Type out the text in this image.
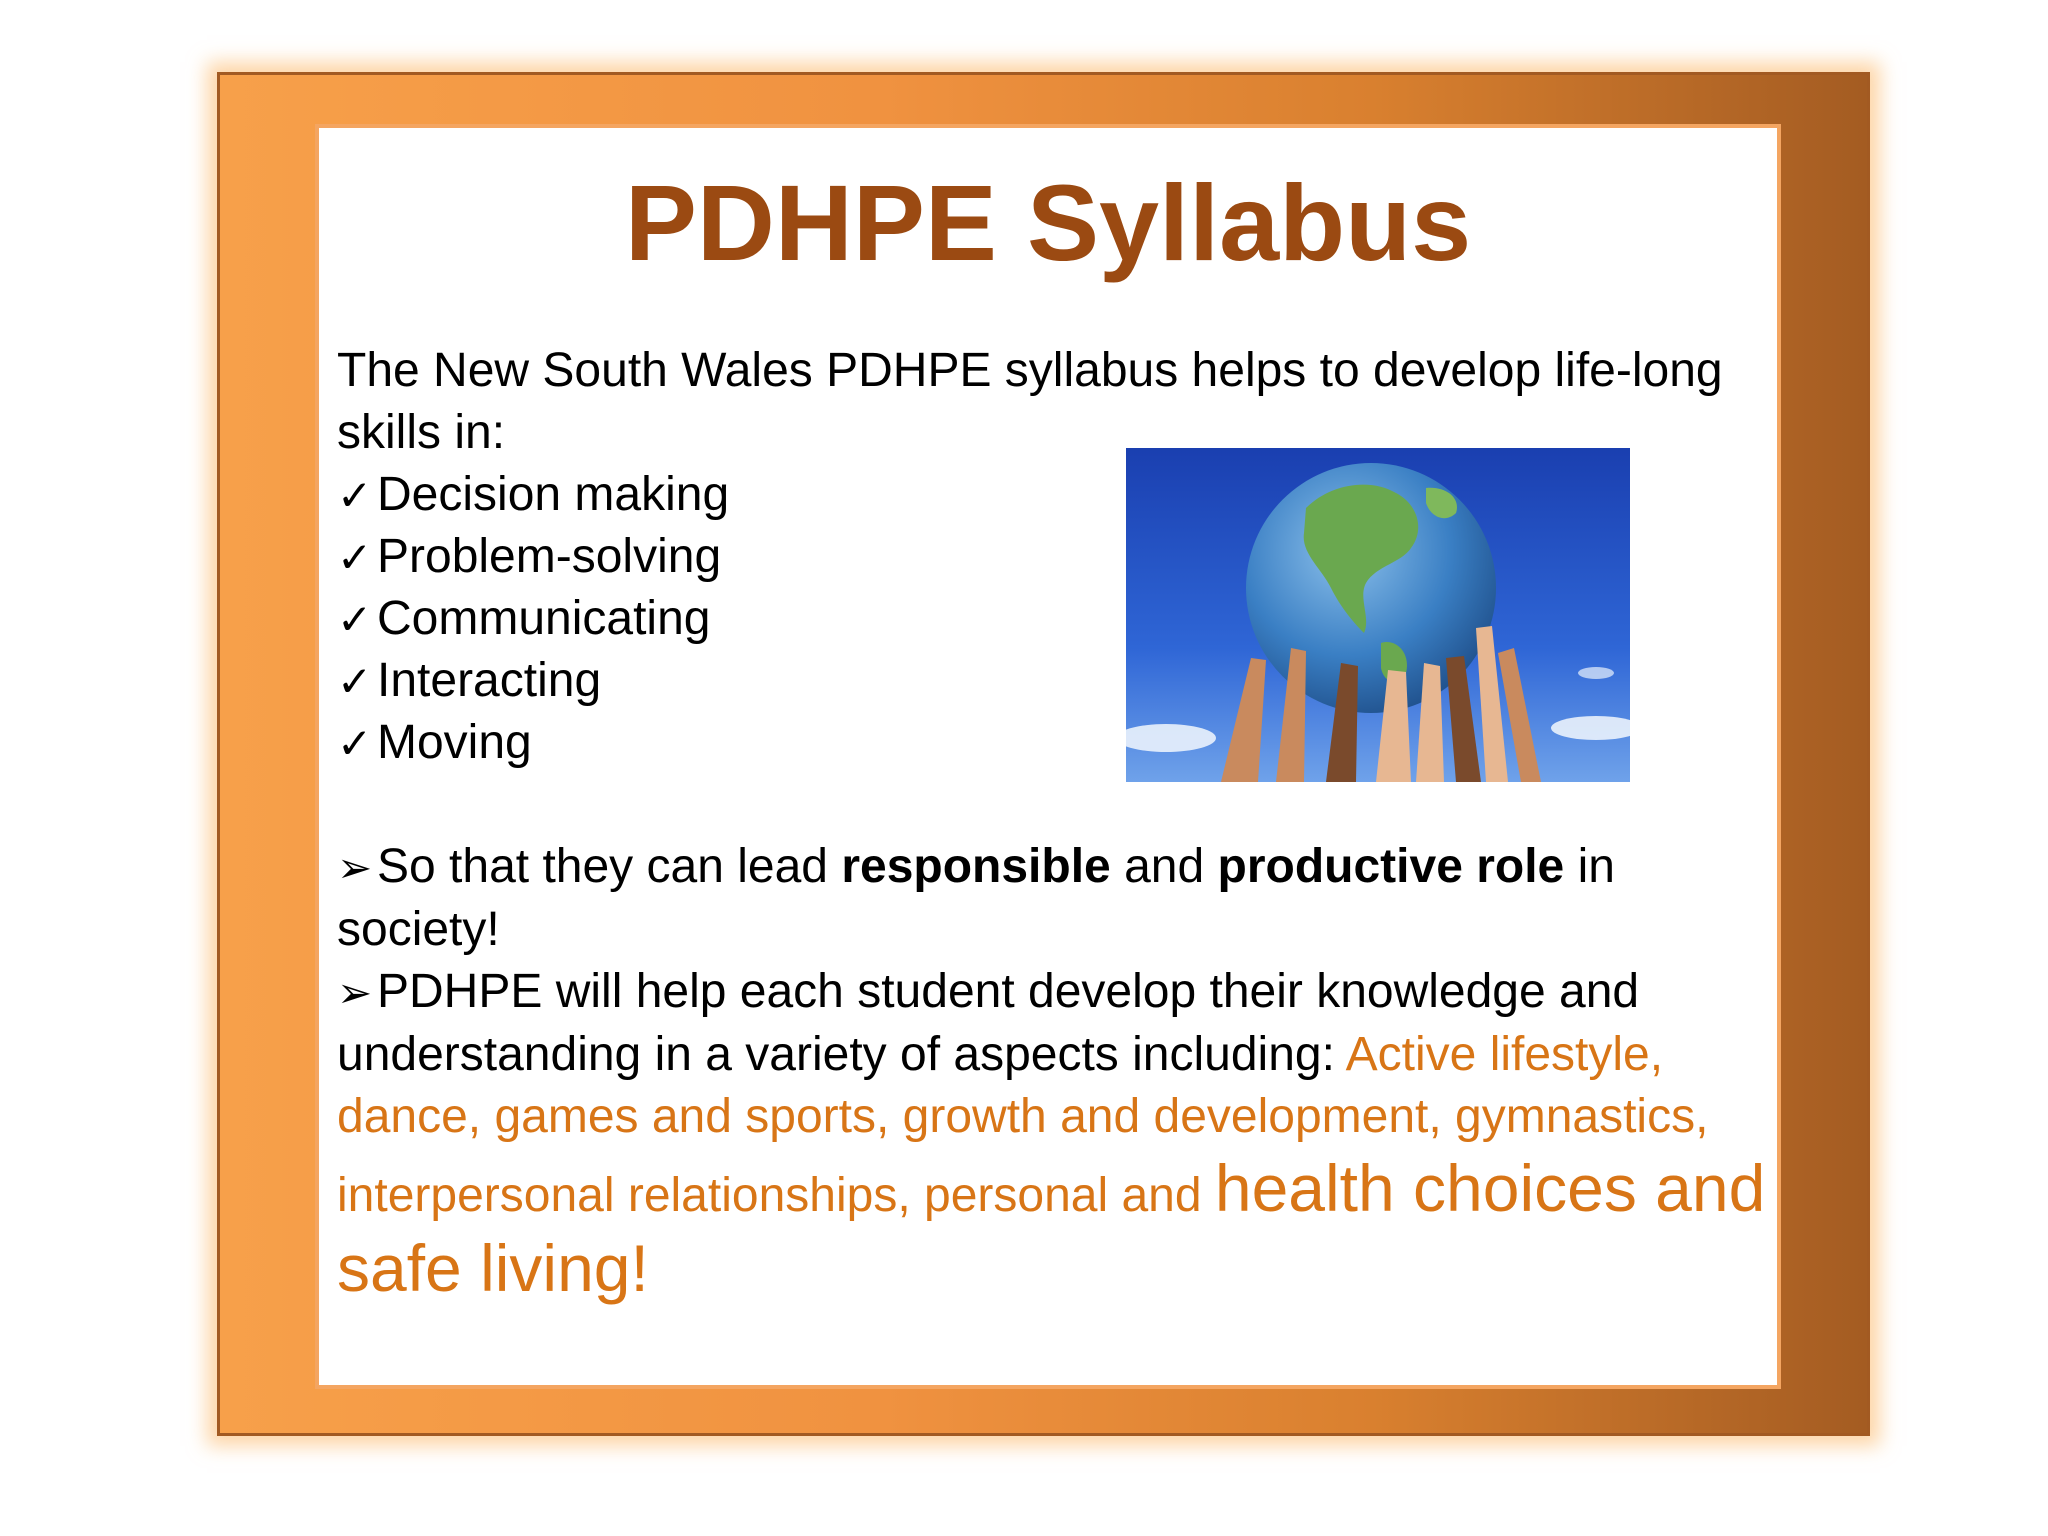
PDHPE Syllabus
The New South Wales PDHPE syllabus helps to develop life-long skills in:
✓ Decision making
✓ Problem-solving
✓ Communicating
✓ Interacting
✓ Moving

➢So that they can lead responsible and productive role in society!

➢PDHPE will help each student develop their knowledge and understanding in a variety of aspects including: Active lifestyle, dance, games and sports, growth and development, gymnastics, interpersonal relationships, personal and health choices and safe living!
